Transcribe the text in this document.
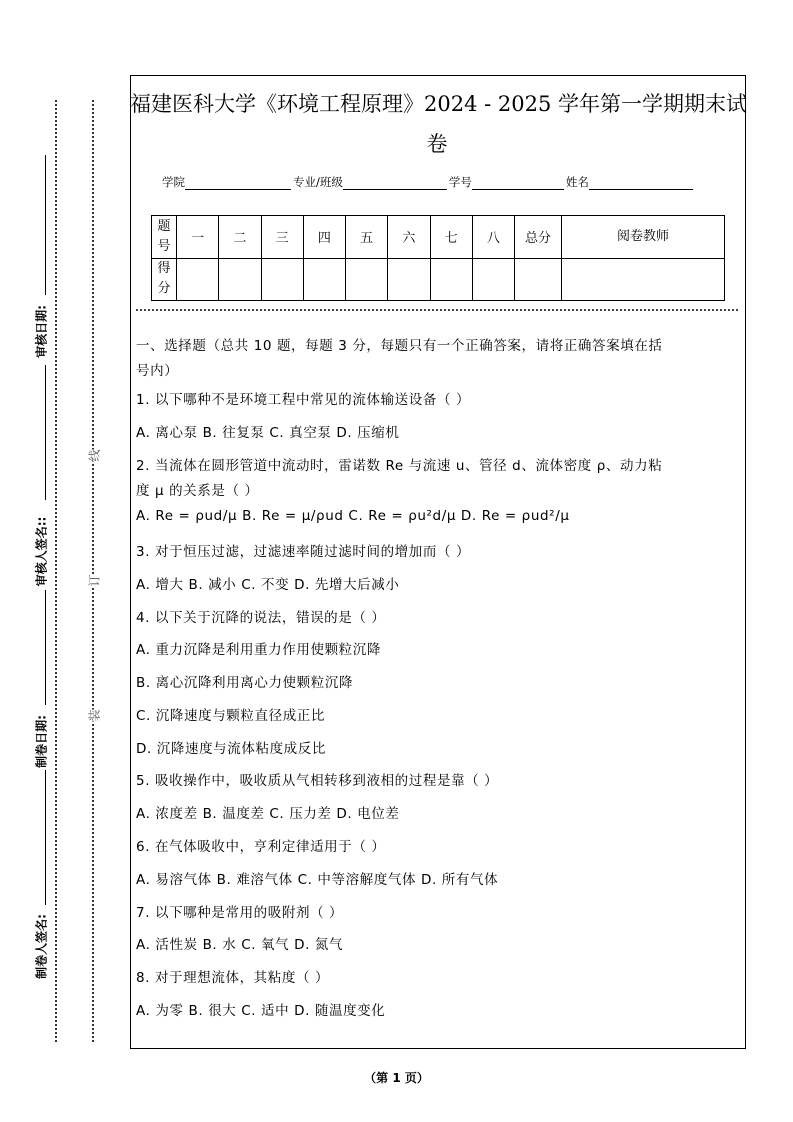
审核日期:
审核人签名::
制卷日期:
制卷人签名:
线
订
装
福建医科大学《环境工程原理》2024 - 2025 学年第一学期期末试
卷
学院	专业/班级	学号	姓名
题号	一	二	三	四	五	六	七	八	总分	阅卷教师
得分										
一、选择题（总共 10 题，每题 3 分，每题只有一个正确答案，请将正确答案填在括
号内）
1. 以下哪种不是环境工程中常见的流体输送设备（ ）
A. 离心泵 B. 往复泵 C. 真空泵 D. 压缩机
2. 当流体在圆形管道中流动时，雷诺数 Re 与流速 u、管径 d、流体密度 ρ、动力粘
度 μ 的关系是（ ）
A. Re = ρud/μ B. Re = μ/ρud C. Re = ρu²d/μ D. Re = ρud²/μ
3. 对于恒压过滤，过滤速率随过滤时间的增加而（ ）
A. 增大 B. 减小 C. 不变 D. 先增大后减小
4. 以下关于沉降的说法，错误的是（ ）
A. 重力沉降是利用重力作用使颗粒沉降
B. 离心沉降利用离心力使颗粒沉降
C. 沉降速度与颗粒直径成正比
D. 沉降速度与流体粘度成反比
5. 吸收操作中，吸收质从气相转移到液相的过程是靠（ ）
A. 浓度差 B. 温度差 C. 压力差 D. 电位差
6. 在气体吸收中，亨利定律适用于（ ）
A. 易溶气体 B. 难溶气体 C. 中等溶解度气体 D. 所有气体
7. 以下哪种是常用的吸附剂（ ）
A. 活性炭 B. 水 C. 氧气 D. 氮气
8. 对于理想流体，其粘度（ ）
A. 为零 B. 很大 C. 适中 D. 随温度变化
（第 1 页）
